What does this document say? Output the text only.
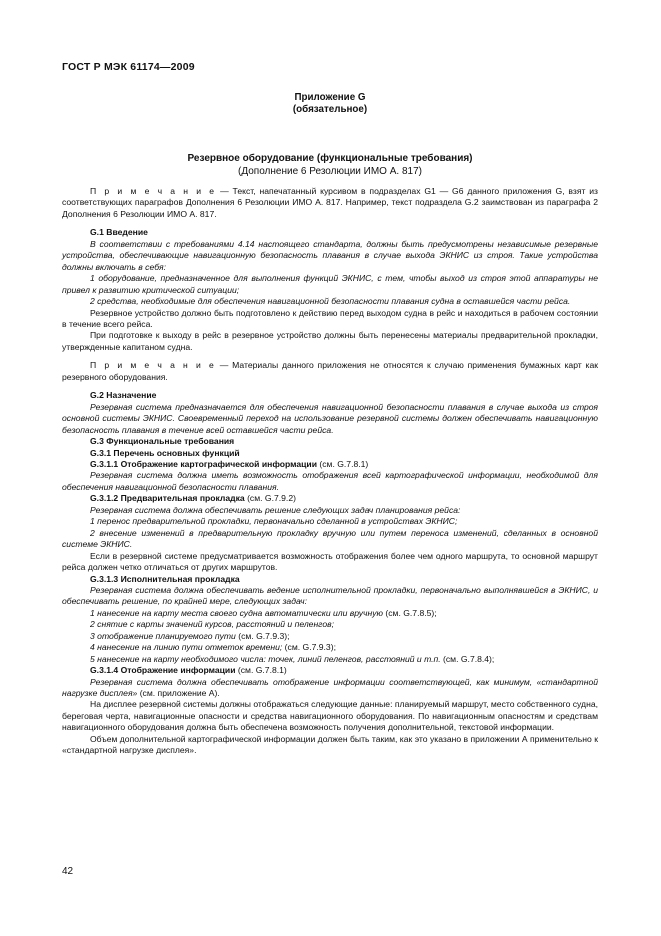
ГОСТ Р МЭК 61174—2009
Приложение G
(обязательное)
Резервное оборудование (функциональные требования)
(Дополнение 6 Резолюции ИМО А. 817)

П р и м е ч а н и е — Текст, напечатанный курсивом в подразделах G1 — G6 данного приложения G, взят из соответствующих параграфов Дополнения 6 Резолюции ИМО А. 817. Например, текст подраздела G.2 заимствован из параграфа 2 Дополнения 6 Резолюции ИМО А. 817.

G.1 Введение

В соответствии с требованиями 4.14 настоящего стандарта, должны быть предусмотрены независимые резервные устройства, обеспечивающие навигационную безопасность плавания в случае выхода ЭКНИС из строя. Такие устройства должны включать в себя:

1 оборудование, предназначенное для выполнения функций ЭКНИС, с тем, чтобы выход из строя этой аппаратуры не привел к развитию критической ситуации;

2 средства, необходимые для обеспечения навигационной безопасности плавания судна в оставшейся части рейса.

Резервное устройство должно быть подготовлено к действию перед выходом судна в рейс и находиться в рабочем состоянии в течение всего рейса.

При подготовке к выходу в рейс в резервное устройство должны быть перенесены материалы предварительной прокладки, утвержденные капитаном судна.

П р и м е ч а н и е — Материалы данного приложения не относятся к случаю применения бумажных карт как резервного оборудования.

G.2 Назначение

Резервная система предназначается для обеспечения навигационной безопасности плавания в случае выхода из строя основной системы ЭКНИС. Своевременный переход на использование резервной системы должен обеспечивать навигационную безопасность плавания в течение всей оставшейся части рейса.

G.3 Функциональные требования

G.3.1 Перечень основных функций

G.3.1.1 Отображение картографической информации (см. G.7.8.1)

Резервная система должна иметь возможность отображения всей картографической информации, необходимой для обеспечения навигационной безопасности плавания.

G.3.1.2 Предварительная прокладка (см. G.7.9.2)

Резервная система должна обеспечивать решение следующих задач планирования рейса:

1 перенос предварительной прокладки, первоначально сделанной в устройствах ЭКНИС;

2 внесение изменений в предварительную прокладку вручную или путем переноса изменений, сделанных в основной системе ЭКНИС.

Если в резервной системе предусматривается возможность отображения более чем одного маршрута, то основной маршрут рейса должен четко отличаться от других маршрутов.

G.3.1.3 Исполнительная прокладка

Резервная система должна обеспечивать ведение исполнительной прокладки, первоначально выполнявшейся в ЭКНИС, и обеспечивать решение, по крайней мере, следующих задач:

1 нанесение на карту места своего судна автоматически или вручную (см. G.7.8.5);

2 снятие с карты значений курсов, расстояний и пеленгов;

3 отображение планируемого пути (см. G.7.9.3);

4 нанесение на линию пути отметок времени; (см. G.7.9.3);

5 нанесение на карту необходимого числа: точек, линий пеленгов, расстояний и т.п. (см. G.7.8.4);

G.3.1.4 Отображение информации (см. G.7.8.1)

Резервная система должна обеспечивать отображение информации соответствующей, как минимум, «стандартной нагрузке дисплея» (см. приложение А).

На дисплее резервной системы должны отображаться следующие данные: планируемый маршрут, место собственного судна, береговая черта, навигационные опасности и средства навигационного оборудования. По навигационным опасностям и средствам навигационного оборудования должна быть обеспечена возможность получения дополнительной, текстовой информации.

Объем дополнительной картографической информации должен быть таким, как это указано в приложении А применительно к «стандартной нагрузке дисплея».

42
